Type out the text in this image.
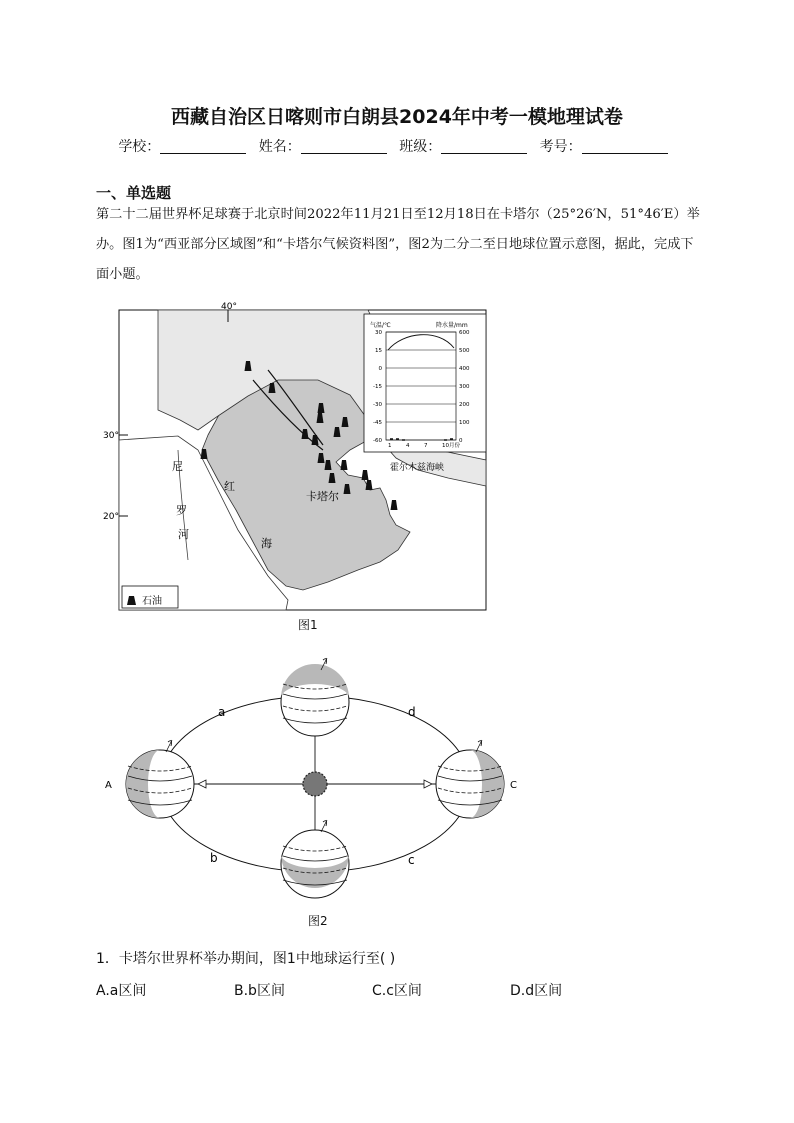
西藏自治区日喀则市白朗县2024年中考一模地理试卷
学校：	姓名：	班级：	考号：
一、单选题
第二十二届世界杯足球赛于北京时间2022年11月21日至12月18日在卡塔尔（25°26′N，51°46′E）举办。图1为“西亚部分区域图”和“卡塔尔气候资料图”，图2为二分二至日地球位置示意图，据此，完成下面小题。
气温/℃	降水量/mm
30	600
15	500
0	400
-15	300
-30	200
-45	100
-60	0
1	4	7	10月份
40°
30°
20°
尼
罗
河
红
海
卡塔尔
霍尔木兹海峡
石油
图1
A	C
a
b	c
d
图2
1．卡塔尔世界杯举办期间，图1中地球运行至( )
A.a区间	B.b区间	C.c区间	D.d区间
